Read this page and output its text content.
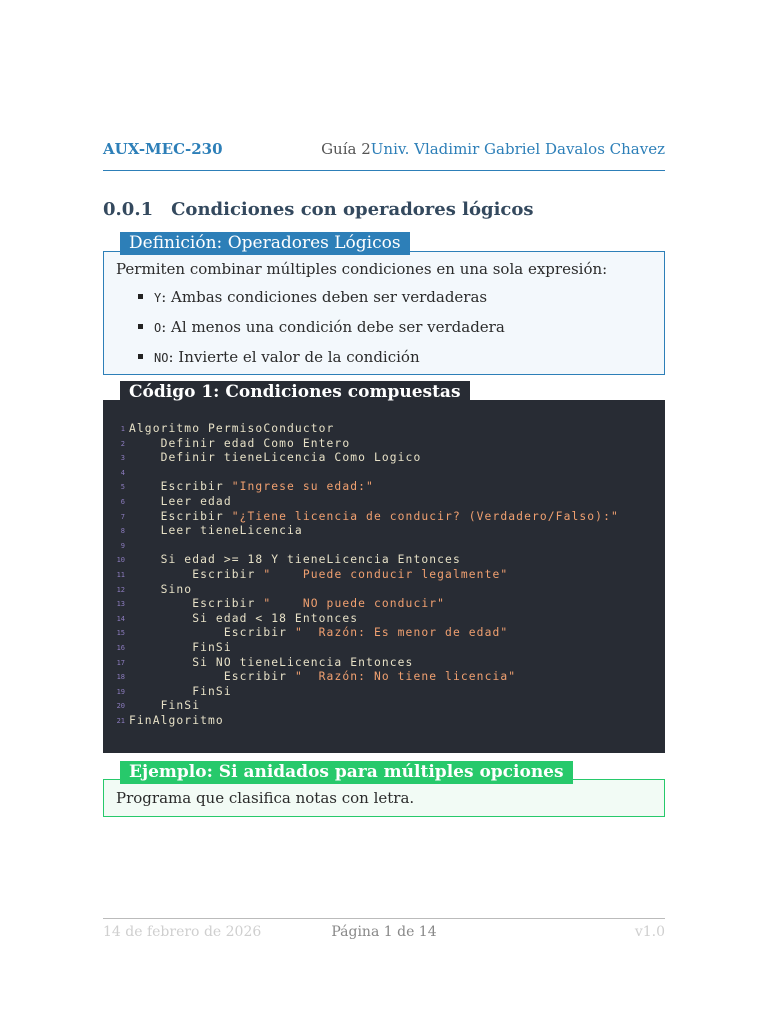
AUX-MEC-230	Guía 2Univ. Vladimir Gabriel Davalos Chavez
0.0.1 Condiciones con operadores lógicos
Permiten combinar múltiples condiciones en una sola expresión:
Y: Ambas condiciones deben ser verdaderas
O: Al menos una condición debe ser verdadera
NO: Invierte el valor de la condición
Definición: Operadores Lógicos
1 Algoritmo PermisoConductor
2 Definir edad Como Entero
3 Definir tieneLicencia Como Logico
4
5 Escribir "Ingrese su edad:"
6 Leer edad
7 Escribir "¿Tiene licencia de conducir? (Verdadero/Falso):"
8 Leer tieneLicencia
9
10 Si edad >= 18 Y tieneLicencia Entonces
11 Escribir "    Puede conducir legalmente"
12 Sino
13 Escribir "    NO puede conducir"
14 Si edad < 18 Entonces
15 Escribir "  Razón: Es menor de edad"
16 FinSi
17 Si NO tieneLicencia Entonces
18 Escribir "  Razón: No tiene licencia"
19 FinSi
20 FinSi
21 FinAlgoritmo
Código 1: Condiciones compuestas
Programa que clasifica notas con letra.
Ejemplo: Si anidados para múltiples opciones
14 de febrero de 2026	Página 1 de 14	v1.0
